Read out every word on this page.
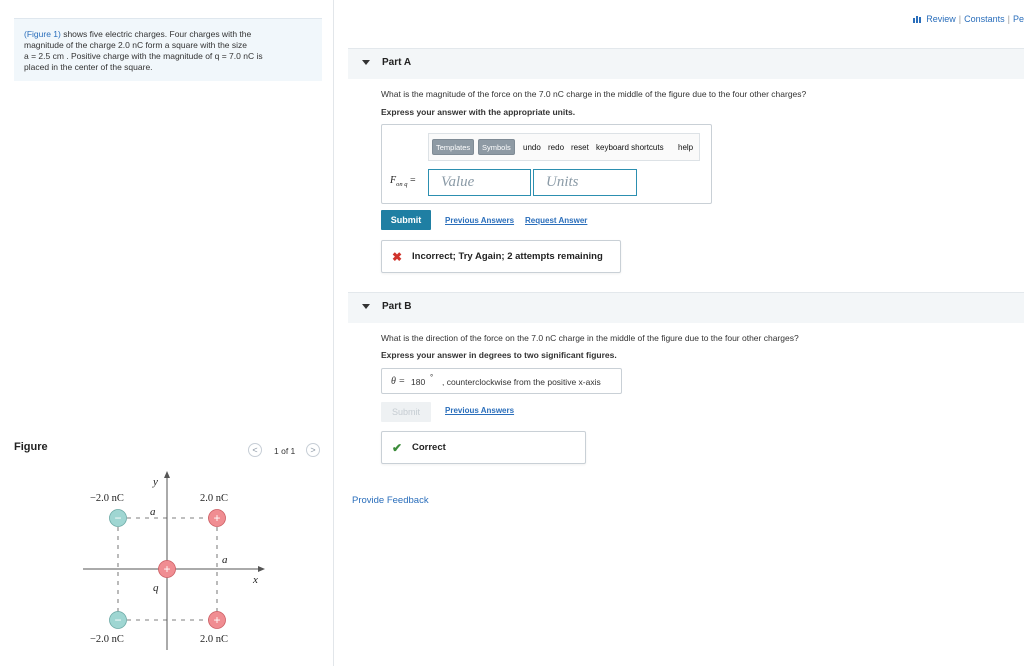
Review | Constants | Pe
(Figure 1) shows five electric charges. Four charges with the
magnitude of the charge 2.0 nC form a square with the size
a = 2.5 cm . Positive charge with the magnitude of q = 7.0 nC is
placed in the center of the square.
Figure	<	1 of 1	>
−
−
+
+
+
−2.0 nC	2.0 nC
−2.0 nC	2.0 nC
y
x
a
a
q
Part A
What is the magnitude of the force on the 7.0 nC charge in the middle of the figure due to the four other charges?
Express your answer with the appropriate units.
Templates	Symbols	undo redo reset keyboard shortcuts help
$F_{on q}$ =	Value	Units
Submit	Previous Answers Request Answer
✖ Incorrect; Try Again; 2 attempts remaining
Part B
What is the direction of the force on the 7.0 nC charge in the middle of the figure due to the four other charges?
Express your answer in degrees to two significant figures.
θ = 180 ° , counterclockwise from the positive x-axis
Submit	Previous Answers
✔ Correct
Provide Feedback
